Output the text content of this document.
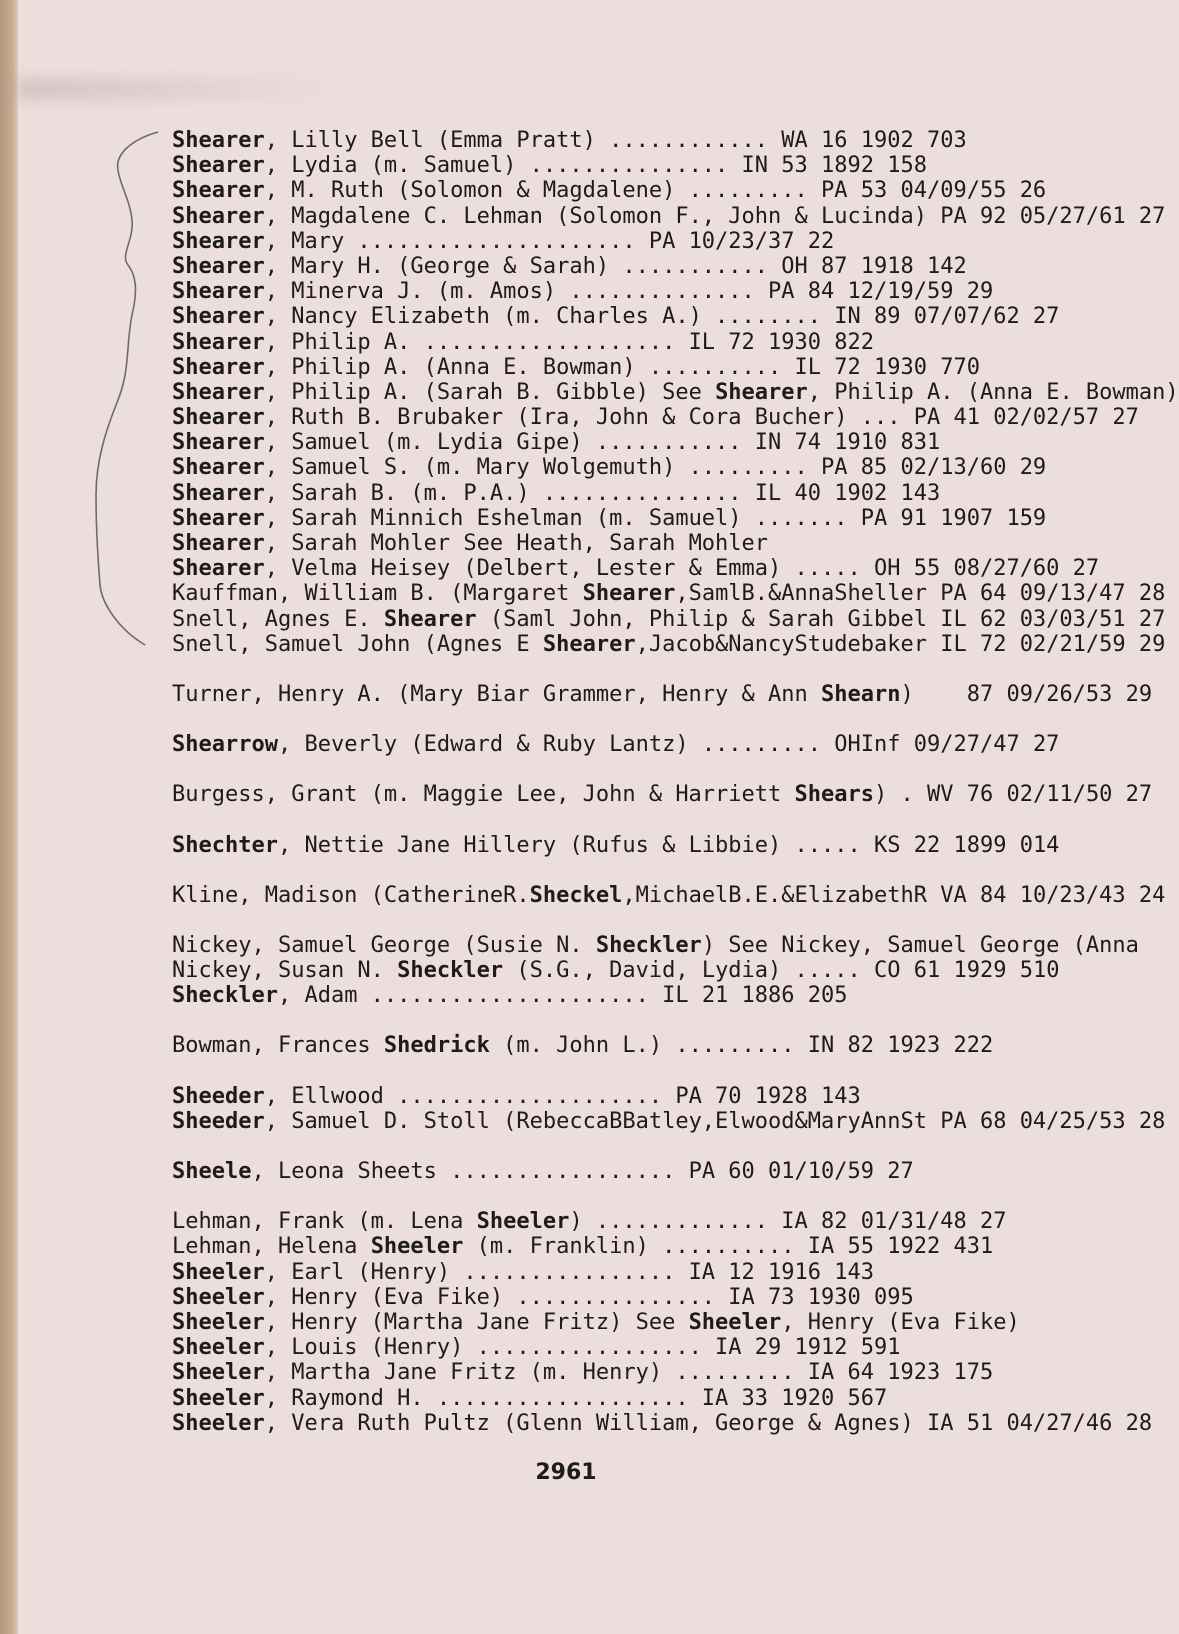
Shearer, Lilly Bell (Emma Pratt) ............ WA 16 1902 703
Shearer, Lydia (m. Samuel) ............... IN 53 1892 158
Shearer, M. Ruth (Solomon & Magdalene) ......... PA 53 04/09/55 26
Shearer, Magdalene C. Lehman (Solomon F., John & Lucinda) PA 92 05/27/61 27
Shearer, Mary ..................... PA 10/23/37 22
Shearer, Mary H. (George & Sarah) ........... OH 87 1918 142
Shearer, Minerva J. (m. Amos) .............. PA 84 12/19/59 29
Shearer, Nancy Elizabeth (m. Charles A.) ........ IN 89 07/07/62 27
Shearer, Philip A. ................... IL 72 1930 822
Shearer, Philip A. (Anna E. Bowman) .......... IL 72 1930 770
Shearer, Philip A. (Sarah B. Gibble) See Shearer, Philip A. (Anna E. Bowman)
Shearer, Ruth B. Brubaker (Ira, John & Cora Bucher) ... PA 41 02/02/57 27
Shearer, Samuel (m. Lydia Gipe) ........... IN 74 1910 831
Shearer, Samuel S. (m. Mary Wolgemuth) ......... PA 85 02/13/60 29
Shearer, Sarah B. (m. P.A.) ............... IL 40 1902 143
Shearer, Sarah Minnich Eshelman (m. Samuel) ....... PA 91 1907 159
Shearer, Sarah Mohler See Heath, Sarah Mohler
Shearer, Velma Heisey (Delbert, Lester & Emma) ..... OH 55 08/27/60 27
Kauffman, William B. (Margaret Shearer,SamlB.&AnnaSheller PA 64 09/13/47 28
Snell, Agnes E. Shearer (Saml John, Philip & Sarah Gibbel IL 62 03/03/51 27
Snell, Samuel John (Agnes E Shearer,Jacob&NancyStudebaker IL 72 02/21/59 29
Turner, Henry A. (Mary Biar Grammer, Henry & Ann Shearn)    87 09/26/53 29
Shearrow, Beverly (Edward & Ruby Lantz) ......... OHInf 09/27/47 27
Burgess, Grant (m. Maggie Lee, John & Harriett Shears) . WV 76 02/11/50 27
Shechter, Nettie Jane Hillery (Rufus & Libbie) ..... KS 22 1899 014
Kline, Madison (CatherineR.Sheckel,MichaelB.E.&ElizabethR VA 84 10/23/43 24
Nickey, Samuel George (Susie N. Sheckler) See Nickey, Samuel George (Anna
Nickey, Susan N. Sheckler (S.G., David, Lydia) ..... CO 61 1929 510
Sheckler, Adam ..................... IL 21 1886 205
Bowman, Frances Shedrick (m. John L.) ......... IN 82 1923 222
Sheeder, Ellwood .................... PA 70 1928 143
Sheeder, Samuel D. Stoll (RebeccaBBatley,Elwood&MaryAnnSt PA 68 04/25/53 28
Sheele, Leona Sheets ................. PA 60 01/10/59 27
Lehman, Frank (m. Lena Sheeler) ............. IA 82 01/31/48 27
Lehman, Helena Sheeler (m. Franklin) .......... IA 55 1922 431
Sheeler, Earl (Henry) ................ IA 12 1916 143
Sheeler, Henry (Eva Fike) ............... IA 73 1930 095
Sheeler, Henry (Martha Jane Fritz) See Sheeler, Henry (Eva Fike)
Sheeler, Louis (Henry) ................. IA 29 1912 591
Sheeler, Martha Jane Fritz (m. Henry) ......... IA 64 1923 175
Sheeler, Raymond H. ................... IA 33 1920 567
Sheeler, Vera Ruth Pultz (Glenn William, George & Agnes) IA 51 04/27/46 28
2961
